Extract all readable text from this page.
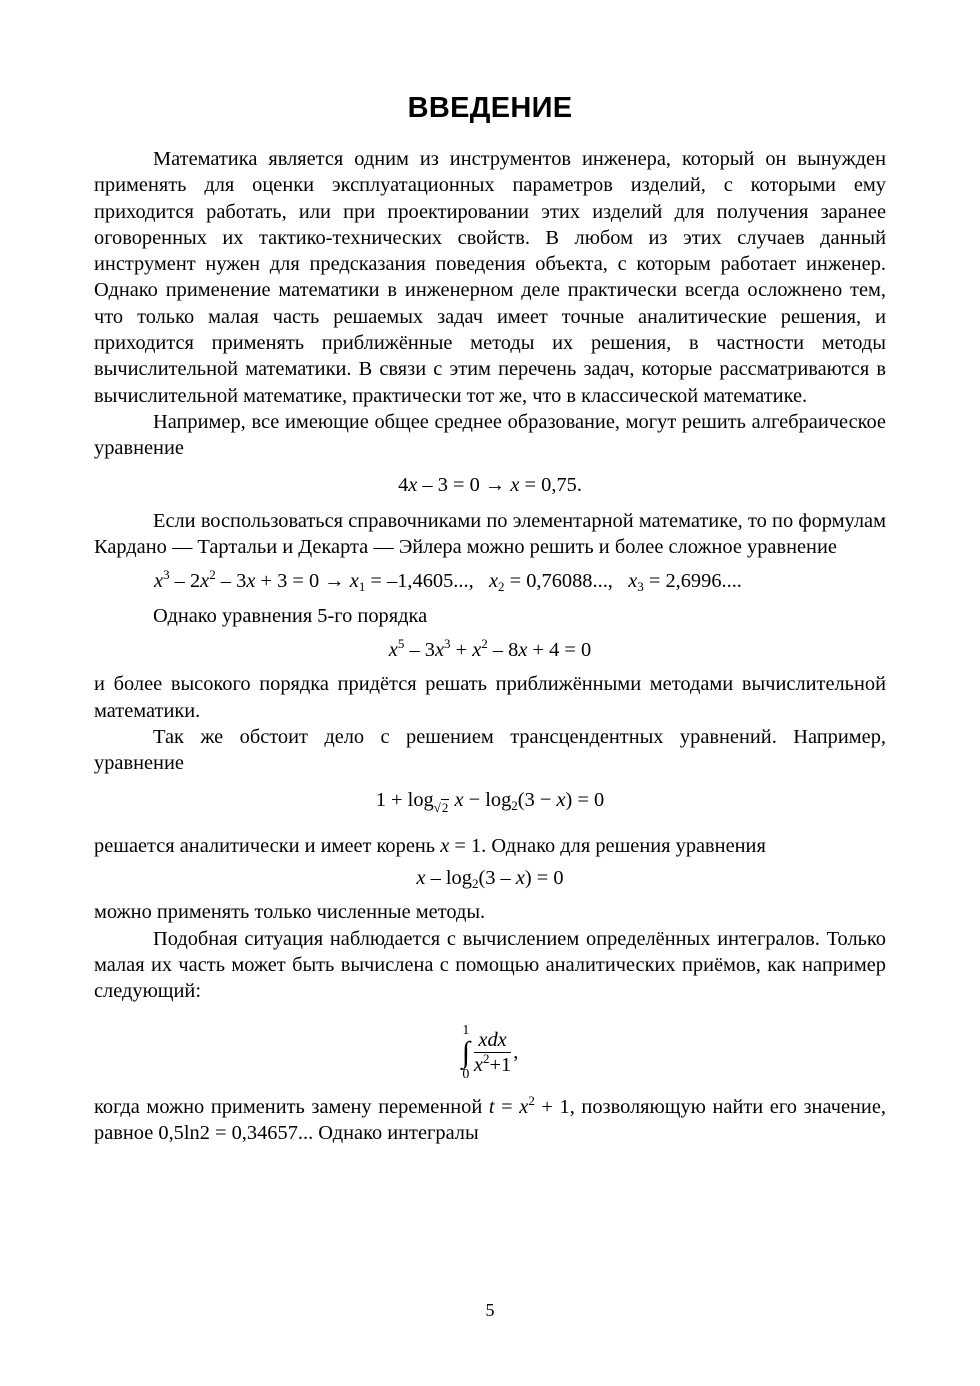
ВВЕДЕНИЕ

Математика является одним из инструментов инженера, который он вынужден применять для оценки эксплуатационных параметров изделий, с которыми ему приходится работать, или при проектировании этих изделий для получения заранее оговоренных их тактико-технических свойств. В любом из этих случаев данный инструмент нужен для предсказания поведения объекта, с которым работает инженер. Однако применение математики в инженерном деле практически всегда осложнено тем, что только малая часть решаемых задач имеет точные аналитические решения, и приходится применять приближённые методы их решения, в частности методы вычислительной математики. В связи с этим перечень задач, которые рассматриваются в вычислительной математике, практически тот же, что в классической математике.

Например, все имеющие общее среднее образование, могут решить алгебраическое уравнение

4x – 3 = 0 → x = 0,75.

Если воспользоваться справочниками по элементарной математике, то по формулам Кардано — Тартальи и Декарта — Эйлера можно решить и более сложное уравнение

$x^3 - 2x^2 - 3x + 3 = 0 \to x_1 = -1,4605$...,   $x_2 = 0,76088$...,   $x_3 = 2,6996$....

Однако уравнения 5-го порядка

$x^5 - 3x^3 + x^2 - 8x + 4 = 0$

и более высокого порядка придётся решать приближёнными методами вычислительной математики.

Так же обстоит дело с решением трансцендентных уравнений. Например, уравнение

1 + log√2 $x - \log_2(3 - x) = 0$

решается аналитически и имеет корень x = 1. Однако для решения уравнения

$x - \log_2(3 - x) = 0$

можно применять только численные методы.

Подобная ситуация наблюдается с вычислением определённых интегралов. Только малая их часть может быть вычислена с помощью аналитических приёмов, как например следующий:

1
∫
$0 \frac{\text{xdx}}{x^2+1}$ ,

когда можно применить замену переменной $t = x^2 + 1$, позволяющую найти его значение, равное 0,5ln2 = 0,34657... Однако интегралы

5
